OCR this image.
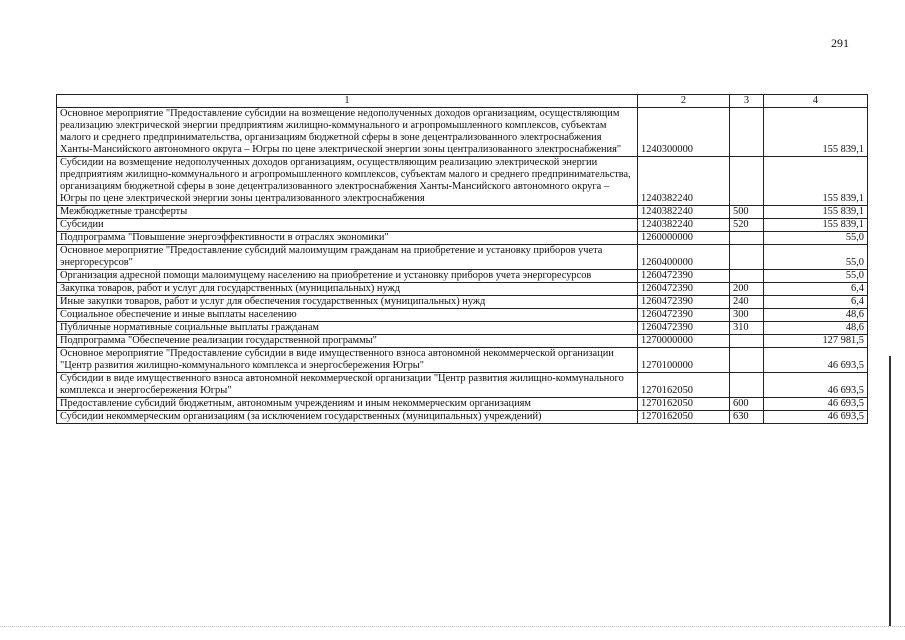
291
1	2	3	4
Основное мероприятие "Предоставление субсидии на возмещение недополученных доходов организациям, осуществляющим реализацию электрической энергии предприятиям жилищно-коммунального и агропромышленного комплексов, субъектам малого и среднего предпринимательства, организациям бюджетной сферы в зоне децентрализованного электроснабжения Ханты-Мансийского автономного округа – Югры по цене электрической энергии зоны централизованного электроснабжения"	1240300000		155 839,1
Субсидии на возмещение недополученных доходов организациям, осуществляющим реализацию электрической энергии предприятиям жилищно-коммунального и агропромышленного комплексов, субъектам малого и среднего предпринимательства, организациям бюджетной сферы в зоне децентрализованного электроснабжения Ханты-Мансийского автономного округа – Югры по цене электрической энергии зоны централизованного электроснабжения	1240382240		155 839,1
Межбюджетные трансферты	1240382240	500	155 839,1
Субсидии	1240382240	520	155 839,1
Подпрограмма "Повышение энергоэффективности в отраслях экономики"	1260000000		55,0
Основное мероприятие "Предоставление субсидий малоимущим гражданам на приобретение и установку приборов учета энергоресурсов"	1260400000		55,0
Организация адресной помощи малоимущему населению на приобретение и установку приборов учета энергоресурсов	1260472390		55,0
Закупка товаров, работ и услуг для государственных (муниципальных) нужд	1260472390	200	6,4
Иные закупки товаров, работ и услуг для обеспечения государственных (муниципальных) нужд	1260472390	240	6,4
Социальное обеспечение и иные выплаты населению	1260472390	300	48,6
Публичные нормативные социальные выплаты гражданам	1260472390	310	48,6
Подпрограмма "Обеспечение реализации государственной программы"	1270000000		127 981,5
Основное мероприятие "Предоставление субсидии в виде имущественного взноса автономной некоммерческой организации "Центр развития жилищно-коммунального комплекса и энергосбережения Югры"	1270100000		46 693,5
Субсидии в виде имущественного взноса автономной некоммерческой организации "Центр развития жилищно-коммунального комплекса и энергосбережения Югры"	1270162050		46 693,5
Предоставление субсидий бюджетным, автономным учреждениям и иным некоммерческим организациям	1270162050	600	46 693,5
Субсидии некоммерческим организациям (за исключением государственных (муниципальных) учреждений)	1270162050	630	46 693,5
